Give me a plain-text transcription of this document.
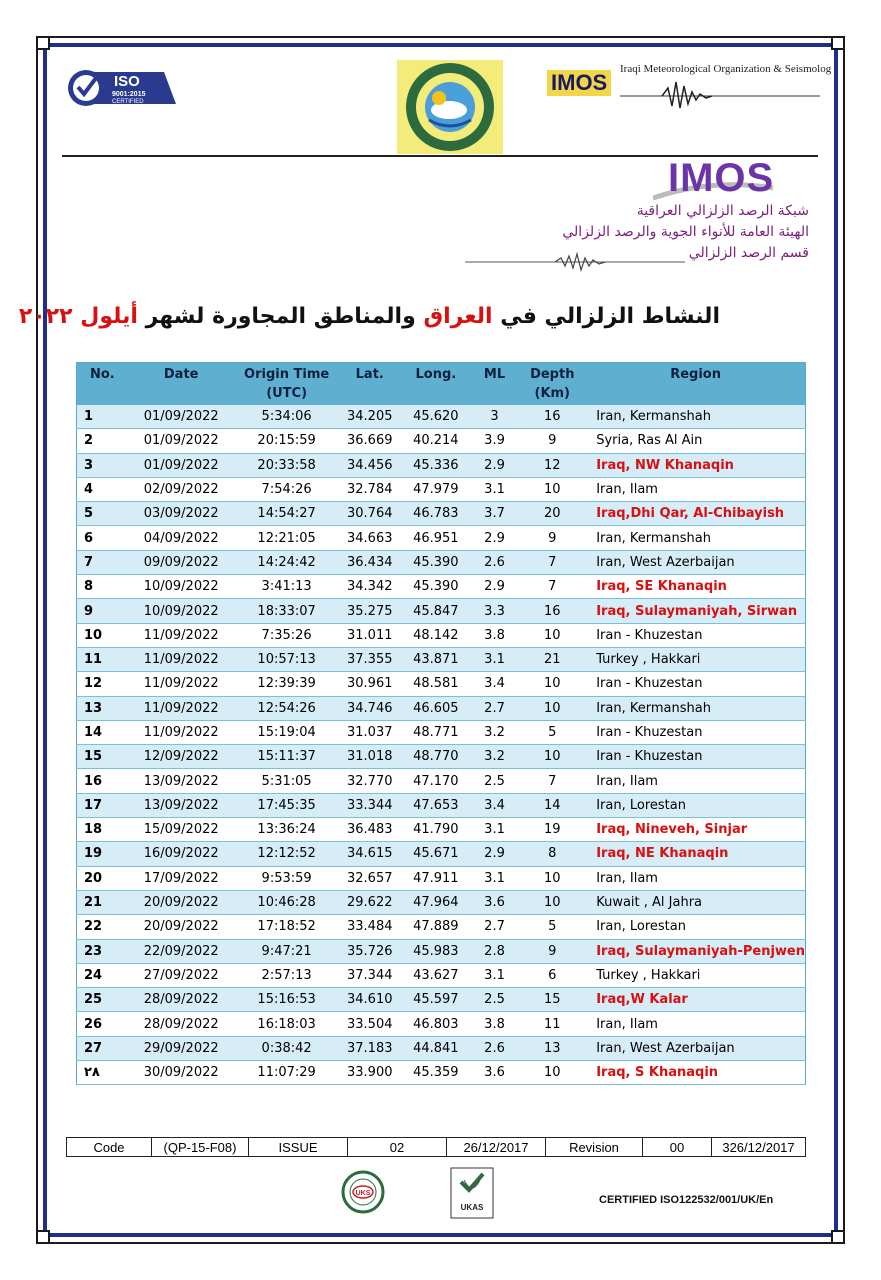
ISO
9001:2015
CERTIFIED
IMOS
Iraqi Meteorological Organization & Seismolog
IMOS
شبكة الرصد الزلزالي العراقية
الهيئة العامة للأنواء الجوية والرصد الزلزالي
قسم الرصد الزلزالي
النشاط الزلزالي في العراق والمناطق المجاورة لشهر أيلول ٢٠٢٢
No.	Date	Origin Time
(UTC)	Lat.	Long.	ML	Depth
(Km)	Region
1	01/09/2022	5:34:06	34.205	45.620	3	16	Iran, Kermanshah
2	01/09/2022	20:15:59	36.669	40.214	3.9	9	Syria, Ras Al Ain
3	01/09/2022	20:33:58	34.456	45.336	2.9	12	Iraq, NW Khanaqin
4	02/09/2022	7:54:26	32.784	47.979	3.1	10	Iran, Ilam
5	03/09/2022	14:54:27	30.764	46.783	3.7	20	Iraq,Dhi Qar, Al-Chibayish
6	04/09/2022	12:21:05	34.663	46.951	2.9	9	Iran, Kermanshah
7	09/09/2022	14:24:42	36.434	45.390	2.6	7	Iran, West Azerbaijan
8	10/09/2022	3:41:13	34.342	45.390	2.9	7	Iraq, SE Khanaqin
9	10/09/2022	18:33:07	35.275	45.847	3.3	16	Iraq, Sulaymaniyah, Sirwan
10	11/09/2022	7:35:26	31.011	48.142	3.8	10	Iran - Khuzestan
11	11/09/2022	10:57:13	37.355	43.871	3.1	21	Turkey , Hakkari
12	11/09/2022	12:39:39	30.961	48.581	3.4	10	Iran - Khuzestan
13	11/09/2022	12:54:26	34.746	46.605	2.7	10	Iran, Kermanshah
14	11/09/2022	15:19:04	31.037	48.771	3.2	5	Iran - Khuzestan
15	12/09/2022	15:11:37	31.018	48.770	3.2	10	Iran - Khuzestan
16	13/09/2022	5:31:05	32.770	47.170	2.5	7	Iran, Ilam
17	13/09/2022	17:45:35	33.344	47.653	3.4	14	Iran, Lorestan
18	15/09/2022	13:36:24	36.483	41.790	3.1	19	Iraq, Nineveh, Sinjar
19	16/09/2022	12:12:52	34.615	45.671	2.9	8	Iraq, NE Khanaqin
20	17/09/2022	9:53:59	32.657	47.911	3.1	10	Iran, Ilam
21	20/09/2022	10:46:28	29.622	47.964	3.6	10	Kuwait , Al Jahra
22	20/09/2022	17:18:52	33.484	47.889	2.7	5	Iran, Lorestan
23	22/09/2022	9:47:21	35.726	45.983	2.8	9	Iraq, Sulaymaniyah-Penjwen
24	27/09/2022	2:57:13	37.344	43.627	3.1	6	Turkey , Hakkari
25	28/09/2022	15:16:53	34.610	45.597	2.5	15	Iraq,W Kalar
26	28/09/2022	16:18:03	33.504	46.803	3.8	11	Iran, Ilam
27	29/09/2022	0:38:42	37.183	44.841	2.6	13	Iran, West Azerbaijan
٢٨	30/09/2022	11:07:29	33.900	45.359	3.6	10	Iraq, S Khanaqin
Code	(QP-15-F08)	ISSUE	02	26/12/2017	Revision	00	326/12/2017
UKS
UKAS
CERTIFIED ISO122532/001/UK/En
